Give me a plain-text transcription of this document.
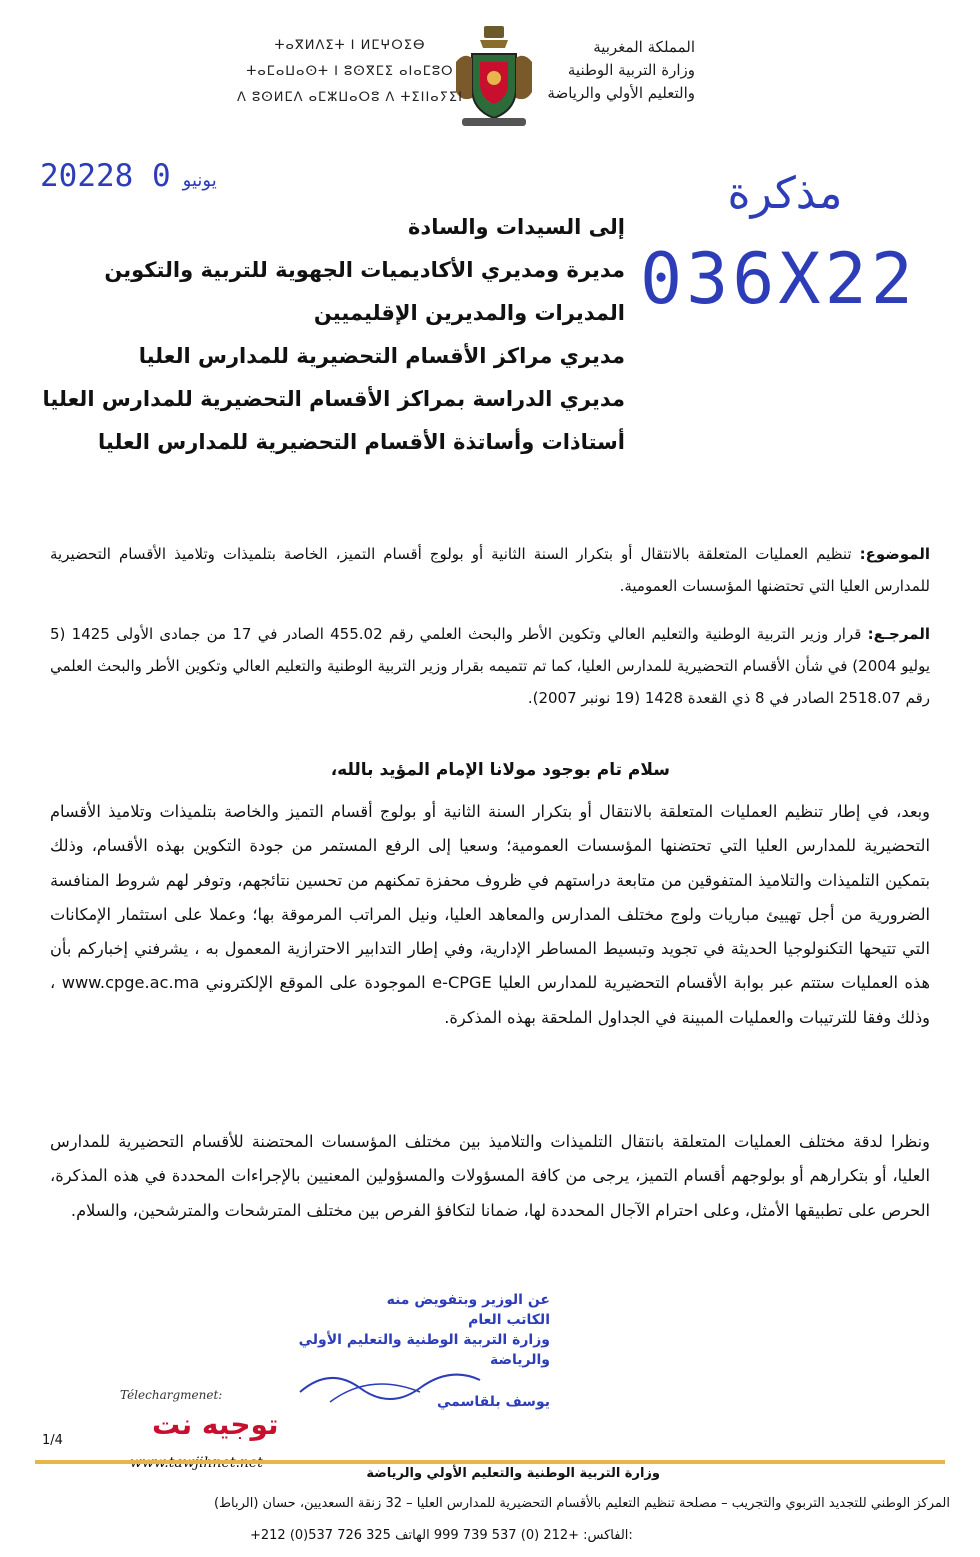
المملكة المغربية
وزارة التربية الوطنية
والتعليم الأولي والرياضة
ⵜⴰⴳⵍⴷⵉⵜ ⵏ ⵍⵎⵖⵔⵉⴱ
ⵜⴰⵎⴰⵡⴰⵙⵜ ⵏ ⵓⵙⴳⵎⵉ ⴰⵏⴰⵎⵓⵔ
ⴷ ⵓⵙⵍⵎⴷ ⴰⵎⵣⵡⴰⵔⵓ ⴷ ⵜⵉⵏⵏⴰⵢⵉⵏ
2022	يونيو0 8	مذكرة
036X22
إلى السيدات والسادة
مديرة ومديري الأكاديميات الجهوية للتربية والتكوين
المديرات والمديرين الإقليميين
مديري مراكز الأقسام التحضيرية للمدارس العليا
مديري الدراسة بمراكز الأقسام التحضيرية للمدارس العليا
أستاذات وأساتذة الأقسام التحضيرية للمدارس العليا
الموضوع: تنظيم العمليات المتعلقة بالانتقال أو بتكرار السنة الثانية أو بولوج أقسام التميز، الخاصة بتلميذات وتلاميذ الأقسام التحضيرية للمدارس العليا التي تحتضنها المؤسسات العمومية.
المرجـع: قرار وزير التربية الوطنية والتعليم العالي وتكوين الأطر والبحث العلمي رقم 455.02 الصادر في 17 من جمادى الأولى 1425 (5 يوليو 2004) في شأن الأقسام التحضيرية للمدارس العليا، كما تم تتميمه بقرار وزير التربية الوطنية والتعليم العالي وتكوين الأطر والبحث العلمي رقم 2518.07 الصادر في 8 ذي القعدة 1428 (19 نونبر 2007).
سلام تام بوجود مولانا الإمام المؤيد بالله،
وبعد، في إطار تنظيم العمليات المتعلقة بالانتقال أو بتكرار السنة الثانية أو بولوج أقسام التميز والخاصة بتلميذات وتلاميذ الأقسام التحضيرية للمدارس العليا التي تحتضنها المؤسسات العمومية؛ وسعيا إلى الرفع المستمر من جودة التكوين بهذه الأقسام، وذلك بتمكين التلميذات والتلاميذ المتفوقين من متابعة دراستهم في ظروف محفزة تمكنهم من تحسين نتائجهم، وتوفر لهم شروط المنافسة الضرورية من أجل تهييئ مباريات ولوج مختلف المدارس والمعاهد العليا، ونيل المراتب المرموقة بها؛ وعملا على استثمار الإمكانات التي تتيحها التكنولوجيا الحديثة في تجويد وتبسيط المساطر الإدارية، وفي إطار التدابير الاحترازية المعمول به ، يشرفني إخباركم بأن هذه العمليات ستتم عبر بوابة الأقسام التحضيرية للمدارس العليا e-CPGE الموجودة على الموقع الإلكتروني www.cpge.ac.ma ، وذلك وفقا للترتيبات والعمليات المبينة في الجداول الملحقة بهذه المذكرة.
ونظرا لدقة مختلف العمليات المتعلقة بانتقال التلميذات والتلاميذ بين مختلف المؤسسات المحتضنة للأقسام التحضيرية للمدارس العليا، أو بتكرارهم أو بولوجهم أقسام التميز، يرجى من كافة المسؤولات والمسؤولين المعنيين بالإجراءات المحددة في هذه المذكرة، الحرص على تطبيقها الأمثل، وعلى احترام الآجال المحددة لها، ضمانا لتكافؤ الفرص بين مختلف المترشحات والمترشحين، والسلام.
عن الوزير وبتفويض منه
الكاتب العام
وزارة التربية الوطنية والتعليم الأولي
والرياضة
يوسف بلقاسمي
Télechargmenet:
توجيه نت
1/4
وزارة التربية الوطنية والتعليم الأولي والرياضة
المركز الوطني للتجديد التربوي والتجريب – مصلحة تنظيم التعليم بالأقسام التحضيرية للمدارس العليا – 32 زنقة السعديين، حسان (الرباط)
+212 (0)537 726 325 الفاكس: +212 (0) 537 739 999 الهاتف:
